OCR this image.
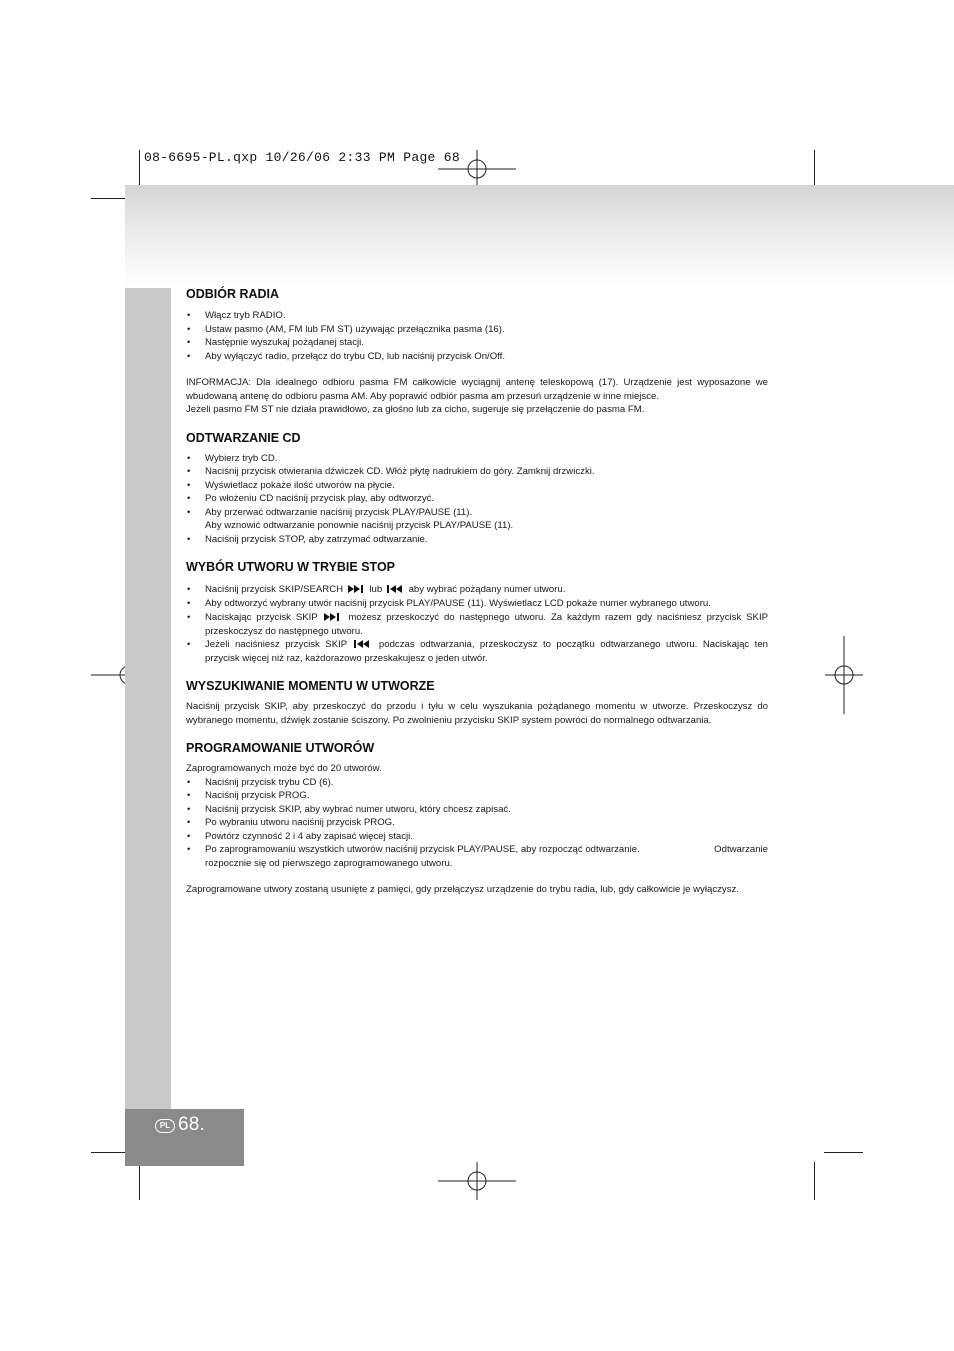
08-6695-PL.qxp 10/26/06 2:33 PM Page 68
PL 68.
ODBIÓR RADIA
• Włącz tryb RADIO.
• Ustaw pasmo (AM, FM lub FM ST) używając przełącznika pasma (16).
• Następnie wyszukaj pożądanej stacji.
• Aby wyłączyć radio, przełącz do trybu CD, lub naciśnij przycisk On/Off.

INFORMACJA: Dla idealnego odbioru pasma FM całkowicie wyciągnij antenę teleskopową (17). Urządzenie jest wyposażone we wbudowaną antenę do odbioru pasma AM. Aby poprawić odbiór pasma am przesuń urządzenie w inne miejsce.

Jeżeli pasmo FM ST nie działa prawidłowo, za głośno lub za cicho, sugeruje się przełączenie do pasma FM.

ODTWARZANIE CD
• Wybierz tryb CD.
• Naciśnij przycisk otwierania dźwiczek CD. Włóż płytę nadrukiem do góry. Zamknij drzwiczki.
• Wyświetlacz pokaże ilość utworów na płycie.
• Po włożeniu CD naciśnij przycisk play, aby odtworzyć.
• Aby przerwać odtwarzanie naciśnij przycisk PLAY/PAUSE (11).
Aby wznowić odtwarzanie ponownie naciśnij przycisk PLAY/PAUSE (11).
• Naciśnij przycisk STOP, aby zatrzymać odtwarzanie.
WYBÓR UTWORU W TRYBIE STOP
• Naciśnij przycisk SKIP/SEARCH	lub	aby wybrać pożądany numer utworu.
• Aby odtworzyć wybrany utwór naciśnij przycisk PLAY/PAUSE (11). Wyświetlacz LCD pokaże numer wybranego utworu.
• Naciskając przycisk SKIP	możesz przeskoczyć do następnego utworu. Za każdym razem gdy naciśniesz przycisk SKIP przeskoczysz do następnego utworu.
• Jeżeli naciśniesz przycisk SKIP	podczas odtwarzania, przeskoczysz to początku odtwarzanego utworu. Naciskając ten przycisk więcej niż raz, każdorazowo przeskakujesz o jeden utwór.
WYSZUKIWANIE MOMENTU W UTWORZE

Naciśnij przycisk SKIP, aby przeskoczyć do przodu i tyłu w celu wyszukania pożądanego momentu w utworze. Przeskoczysz do wybranego momentu, dźwięk zostanie ściszony. Po zwolnieniu przycisku SKIP system powróci do normalnego odtwarzania.

PROGRAMOWANIE UTWORÓW

Zaprogramowanych może być do 20 utworów.

• Naciśnij przycisk trybu CD (6).
• Naciśnij przycisk PROG.
• Naciśnij przycisk SKIP, aby wybrać numer utworu, który chcesz zapisać.
• Po wybraniu utworu naciśnij przycisk PROG.
• Powtórz czynność 2 i 4 aby zapisać więcej stacji.
• Po zaprogramowaniu wszystkich utworów naciśnij przycisk PLAY/PAUSE, aby rozpocząć odtwarzanie.	Odtwarzanie
rozpocznie się od pierwszego zaprogramowanego utworu.

Zaprogramowane utwory zostaną usunięte z pamięci, gdy przełączysz urządzenie do trybu radia, lub, gdy całkowicie je wyłączysz.
